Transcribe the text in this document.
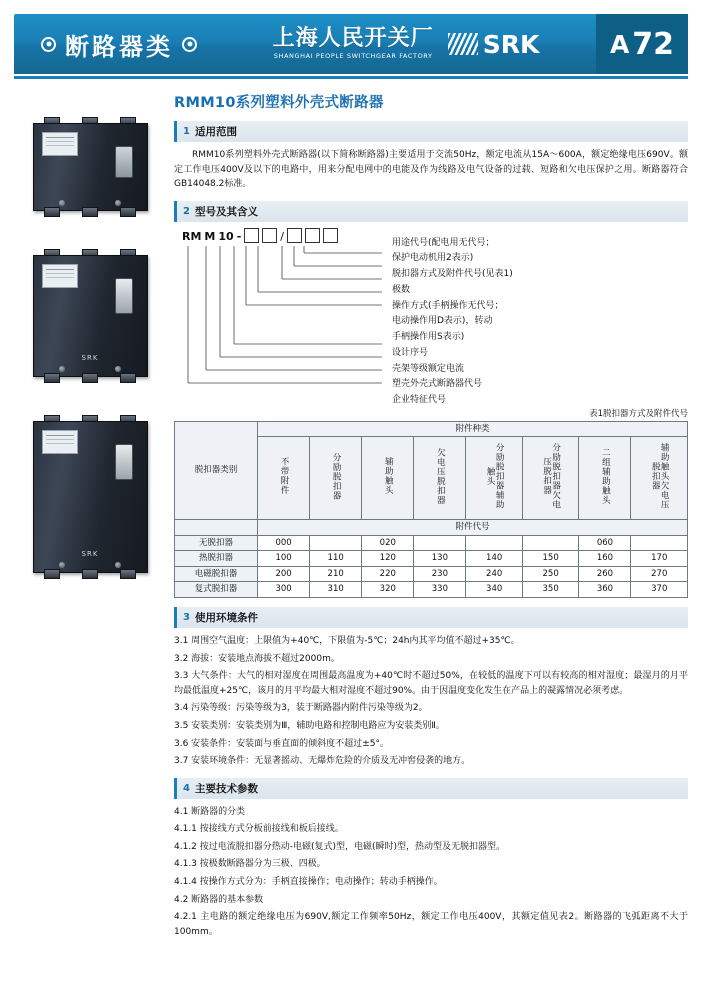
断路器类	上海人民开关厂
SHANGHAI PEOPLE SWITCHGEAR FACTORY SRK	A 72
SRK
SRK
RMM10系列塑料外壳式断路器
1 适用范围

RMM10系列塑料外壳式断路器(以下简称断路器)主要适用于交流50Hz，额定电流从15A～600A，额定绝缘电压690V。额定工作电压400V及以下的电路中，用来分配电网中的电能及作为线路及电气设备的过载、短路和欠电压保护之用。断路器符合GB14048.2标准。

2 型号及其含义
RM M 10 -	/	用途代号(配电用无代号；
保护电动机用2表示)
脱扣器方式及附件代号(见表1)
极数
操作方式(手柄操作无代号；
电动操作用D表示)，转动
手柄操作用S表示)
设计序号
壳架等级额定电流
塑壳外壳式断路器代号
企业特征代号
表1脱扣器方式及附件代号
脱扣器类别	附件种类							
	不带附件	分励脱扣器	辅助触头	欠电压脱扣器	分励脱扣器辅助触头	分励脱扣器欠电压脱扣器	二组辅助触头	辅助触头欠电压脱扣器
	附件代号							
无脱扣器	000		020				060	
热脱扣器	100	110	120	130	140	150	160	170
电磁脱扣器	200	210	220	230	240	250	260	270
复式脱扣器	300	310	320	330	340	350	360	370
3 使用环境条件

3.1 周围空气温度：上限值为+40℃，下限值为-5℃；24h内其平均值不超过+35℃。

3.2 海拔：安装地点海拔不超过2000m。

3.3 大气条件：大气的相对湿度在周围最高温度为+40℃时不超过50%，在较低的温度下可以有较高的相对湿度；最湿月的月平均最低温度+25℃，该月的月平均最大相对湿度不超过90%。由于因温度变化发生在产品上的凝露情况必须考虑。

3.4 污染等级：污染等级为3，装于断路器内附件污染等级为2。

3.5 安装类别：安装类别为Ⅲ，辅助电路和控制电路应为安装类别Ⅱ。

3.6 安装条件：安装面与垂直面的倾斜度不超过±5°。

3.7 安装环境条件：无显著摇动、无爆炸危险的介质及无冲窖侵袭的地方。

4 主要技术参数

4.1 断路器的分类

4.1.1 按接线方式分板前接线和板后接线。

4.1.2 按过电流脱扣器分热动-电磁(复式)型，电磁(瞬时)型，热动型及无脱扣器型。

4.1.3 按极数断路器分为三极、四极。

4.1.4 按操作方式分为：手柄直接操作；电动操作；转动手柄操作。

4.2 断路器的基本参数

4.2.1 主电路的额定绝缘电压为690V,额定工作频率50Hz，额定工作电压400V，其额定值见表2。断路器的飞弧距离不大于100mm。
